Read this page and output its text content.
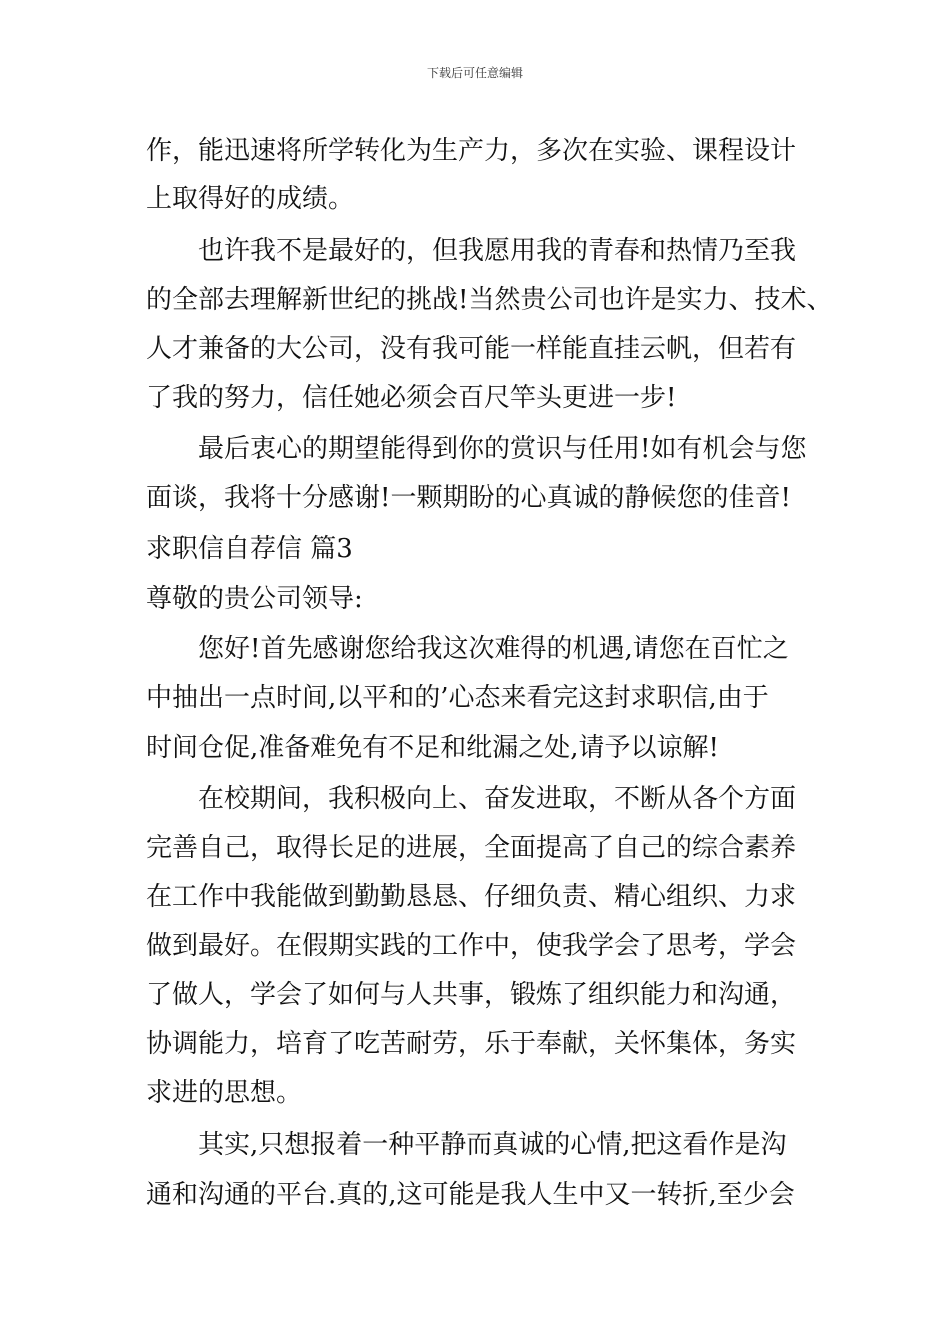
下载后可任意编辑
作，能迅速将所学转化为生产力，多次在实验、课程设计
上取得好的成绩。
也许我不是最好的，但我愿用我的青春和热情乃至我
的全部去理解新世纪的挑战!当然贵公司也许是实力、技术、
人才兼备的大公司，没有我可能一样能直挂云帆，但若有
了我的努力，信任她必须会百尺竿头更进一步!
最后衷心的期望能得到你的赏识与任用!如有机会与您
面谈，我将十分感谢!一颗期盼的心真诚的静候您的佳音!
求职信自荐信 篇3
尊敬的贵公司领导:
您好!首先感谢您给我这次难得的机遇,请您在百忙之
中抽出一点时间,以平和的’心态来看完这封求职信,由于
时间仓促,准备难免有不足和纰漏之处,请予以谅解!
在校期间，我积极向上、奋发进取，不断从各个方面
完善自己，取得长足的进展，全面提高了自己的综合素养
在工作中我能做到勤勤恳恳、仔细负责、精心组织、力求
做到最好。在假期实践的工作中，使我学会了思考，学会
了做人，学会了如何与人共事，锻炼了组织能力和沟通，
协调能力，培育了吃苦耐劳，乐于奉献，关怀集体，务实
求进的思想。
其实,只想报着一种平静而真诚的心情,把这看作是沟
通和沟通的平台.真的,这可能是我人生中又一转折,至少会
